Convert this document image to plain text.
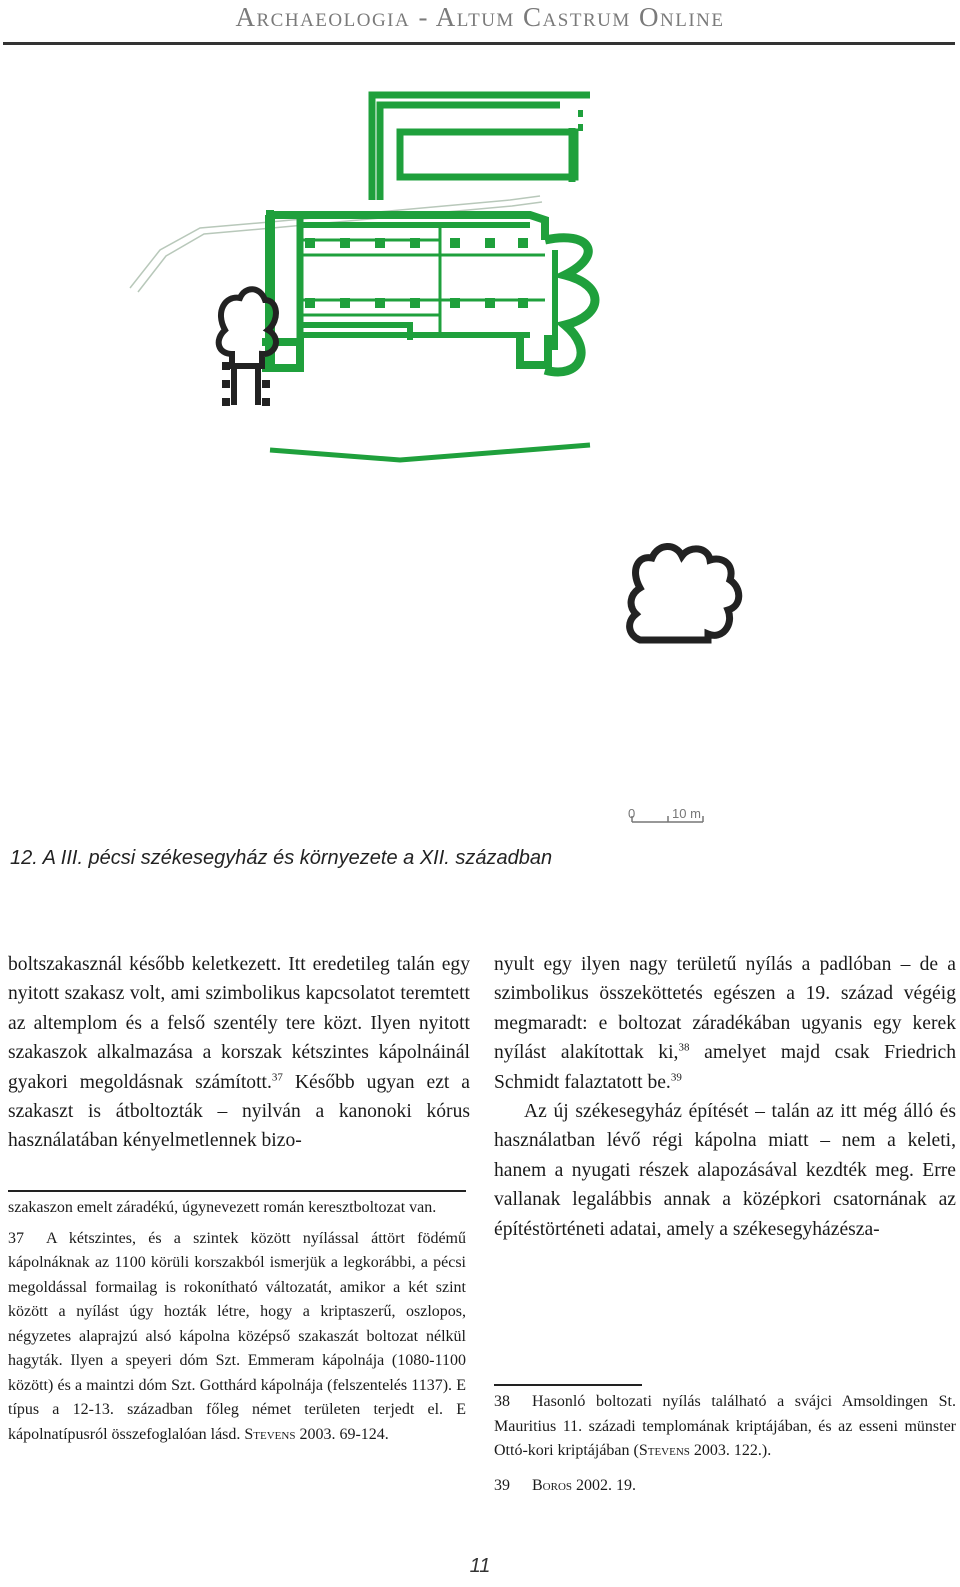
Archaeologia - Altum Castrum Online
0	10 m
12. A III. pécsi székesegyház és környezete a XII. században

boltszakasznál később keletkezett. Itt eredetileg talán egy nyitott szakasz volt, ami szimbolikus kapcsolatot teremtett az altemplom és a felső szentély tere közt. Ilyen nyitott szakaszok alkalmazása a korszak kétszintes kápolnáinál gyakori megoldásnak számított.$^{37}$ Később ugyan ezt a szakaszt is átboltozták – nyilván a kanonoki kórus használatában kényelmetlennek bizo-

szakaszon emelt záradékú, úgynevezett román keresztboltozat van.
37 A kétszintes, és a szintek között nyílással áttört födémű kápolnáknak az 1100 körüli korszakból ismerjük a legkorábbi, a pécsi megoldással formailag is rokonítható változatát, amikor a két szint között a nyílást úgy hozták létre, hogy a kriptaszerű, oszlopos, négyzetes alaprajzú alsó kápolna középső szakaszát boltozat nélkül hagyták. Ilyen a speyeri dóm Szt. Emmeram kápolnája (1080-1100 között) és a maintzi dóm Szt. Gotthárd kápolnája (felszentelés 1137). E típus a 12-13. században főleg német területen terjedt el. E kápolnatípusról összefoglalóan lásd. Stevens 2003. 69-124.

nyult egy ilyen nagy területű nyílás a padlóban – de a szimbolikus összeköttetés egészen a 19. század végéig megmaradt: e boltozat záradékában ugyanis egy kerek nyílást alakítottak ki,$^{38}$ amelyet majd csak Friedrich Schmidt falaztatott be.$^{39}$

Az új székesegyház építését – talán az itt még álló és használatban lévő régi kápolna miatt – nem a keleti, hanem a nyugati részek alapozásával kezdték meg. Erre vallanak legalábbis annak a középkori csatornának az építéstörténeti adatai, amely a székesegyházésza-

38 Hasonló boltozati nyílás található a svájci Amsoldingen St. Mauritius 11. századi templomának kriptájában, és az esseni münster Ottó-kori kriptájában (Stevens 2003. 122.).
39 Boros 2002. 19.
11
